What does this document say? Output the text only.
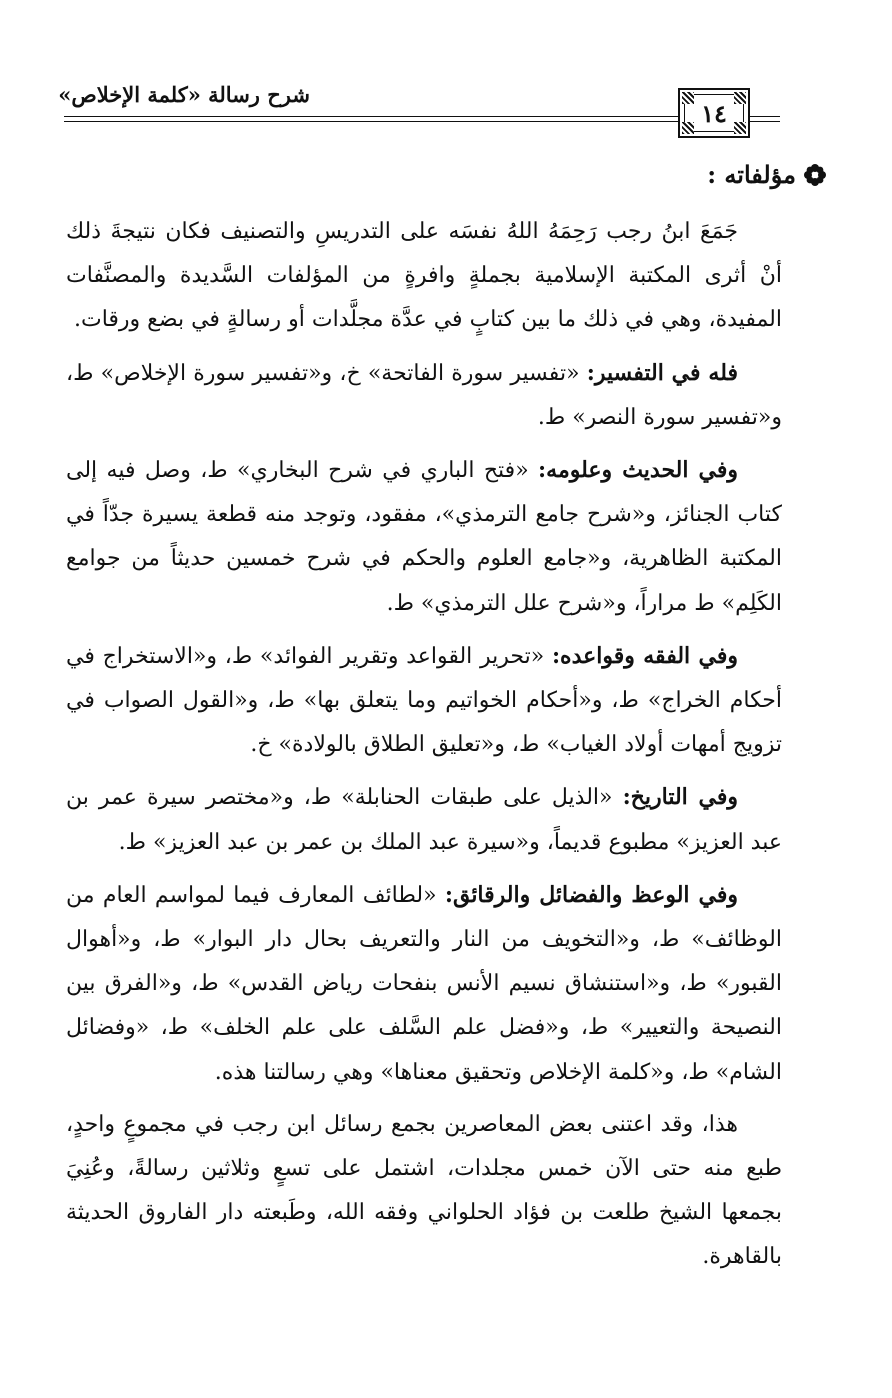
شرح رسالة «كلمة الإخلاص»
١٤
مؤلفاته :

جَمَعَ ابنُ رجب رَحِمَهُ اللهُ نفسَه على التدريسِ والتصنيف فكان نتيجةَ ذلك أنْ أثرى المكتبة الإسلامية بجملةٍ وافرةٍ من المؤلفات السَّديدة والمصنَّفات المفيدة، وهي في ذلك ما بين كتابٍ في عدَّة مجلَّدات أو رسالةٍ في بضع ورقات.

فله في التفسير: «تفسير سورة الفاتحة» خ، و«تفسير سورة الإخلاص» ط، و«تفسير سورة النصر» ط.

وفي الحديث وعلومه: «فتح الباري في شرح البخاري» ط، وصل فيه إلى كتاب الجنائز، و«شرح جامع الترمذي»، مفقود، وتوجد منه قطعة يسيرة جدّاً في المكتبة الظاهرية، و«جامع العلوم والحكم في شرح خمسين حديثاً من جوامع الكَلِم» ط مراراً، و«شرح علل الترمذي» ط.

وفي الفقه وقواعده: «تحرير القواعد وتقرير الفوائد» ط، و«الاستخراج في أحكام الخراج» ط، و«أحكام الخواتيم وما يتعلق بها» ط، و«القول الصواب في تزويج أمهات أولاد الغياب» ط، و«تعليق الطلاق بالولادة» خ.

وفي التاريخ: «الذيل على طبقات الحنابلة» ط، و«مختصر سيرة عمر بن عبد العزيز» مطبوع قديماً، و«سيرة عبد الملك بن عمر بن عبد العزيز» ط.

وفي الوعظ والفضائل والرقائق: «لطائف المعارف فيما لمواسم العام من الوظائف» ط، و«التخويف من النار والتعريف بحال دار البوار» ط، و«أهوال القبور» ط، و«استنشاق نسيم الأنس بنفحات رياض القدس» ط، و«الفرق بين النصيحة والتعيير» ط، و«فضل علم السَّلف على علم الخلف» ط، «وفضائل الشام» ط، و«كلمة الإخلاص وتحقيق معناها» وهي رسالتنا هذه.

هذا، وقد اعتنى بعض المعاصرين بجمع رسائل ابن رجب في مجموعٍ واحدٍ، طبع منه حتى الآن خمس مجلدات، اشتمل على تسعٍ وثلاثين رسالةً، وعُنِيَ بجمعها الشيخ طلعت بن فؤاد الحلواني وفقه الله، وطَبعته دار الفاروق الحديثة بالقاهرة.
